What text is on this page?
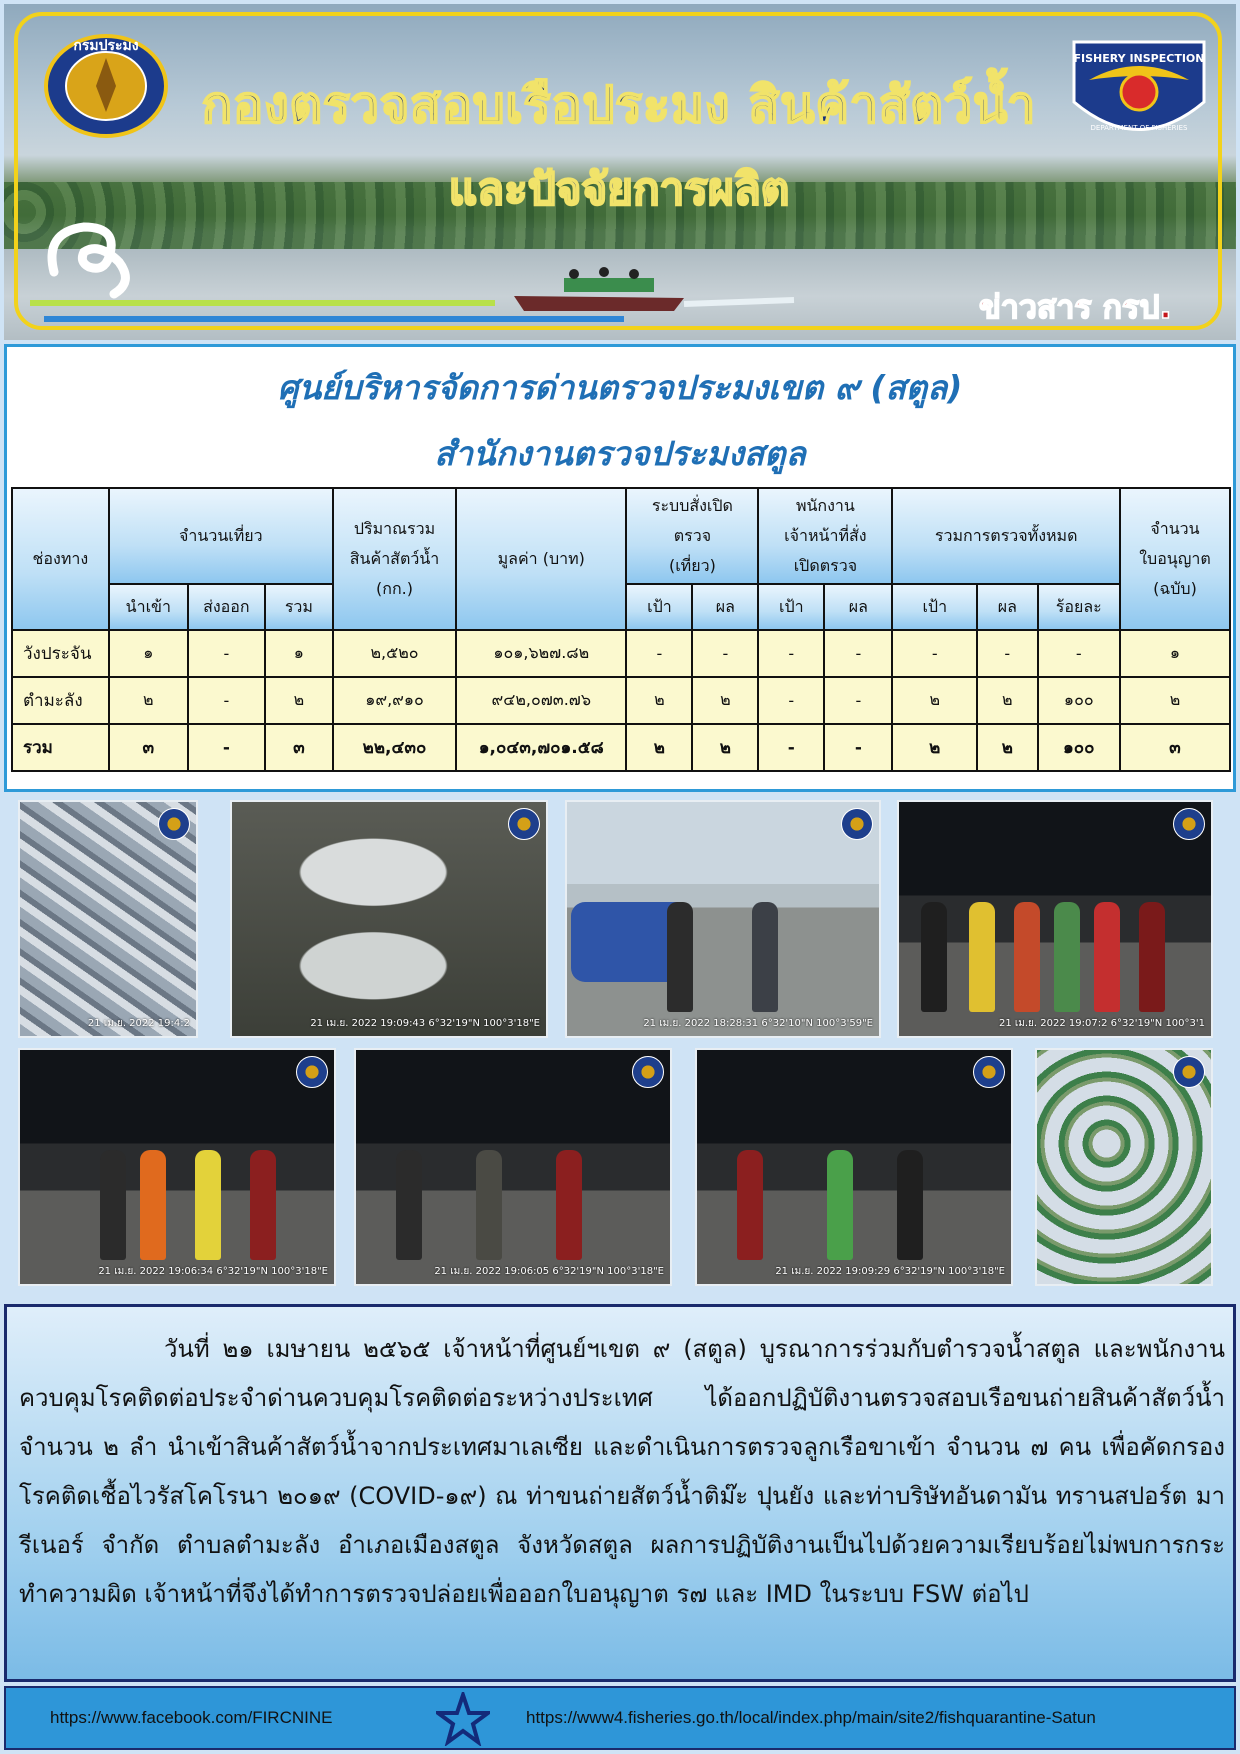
กรมประมง
FISHERY INSPECTION
DEPARTMENT OF FISHERIES
กองตรวจสอบเรือประมง สินค้าสัตว์น้ำ
และปัจจัยการผลิต
ข่าวสาร กรป.
ศูนย์บริหารจัดการด่านตรวจประมงเขต ๙ (สตูล)
สำนักงานตรวจประมงสตูล
ช่องทาง	จำนวนเที่ยว			ปริมาณรวม
สินค้าสัตว์น้ำ
(กก.)	มูลค่า (บาท)	ระบบสั่งเปิด
ตรวจ
(เที่ยว)		พนักงาน
เจ้าหน้าที่สั่ง
เปิดตรวจ		รวมการตรวจทั้งหมด			จำนวน
ใบอนุญาต
(ฉบับ)
	นำเข้า	ส่งออก	รวม			เป้า	ผล	เป้า	ผล	เป้า	ผล	ร้อยละ	
วังประจัน	๑	-	๑	๒,๕๒๐	๑๐๑,๖๒๗.๘๒	-	-	-	-	-	-	-	๑
ตำมะลัง	๒	-	๒	๑๙,๙๑๐	๙๔๒,๐๗๓.๗๖	๒	๒	-	-	๒	๒	๑๐๐	๒
รวม	๓	-	๓	๒๒,๔๓๐	๑,๐๔๓,๗๐๑.๕๘	๒	๒	-	-	๒	๒	๑๐๐	๓
21 เม.ย. 2022 19:4:2	21 เม.ย. 2022 19:09:43 6°32'19"N 100°3'18"E	21 เม.ย. 2022 18:28:31 6°32'10"N 100°3'59"E	21 เม.ย. 2022 19:07:2 6°32'19"N 100°3'1
21 เม.ย. 2022 19:06:34 6°32'19"N 100°3'18"E	21 เม.ย. 2022 19:06:05 6°32'19"N 100°3'18"E	21 เม.ย. 2022 19:09:29 6°32'19"N 100°3'18"E

วันที่ ๒๑ เมษายน ๒๕๖๕ เจ้าหน้าที่ศูนย์ฯเขต ๙ (สตูล) บูรณาการร่วมกับตำรวจน้ำสตูล และพนักงานควบคุมโรคติดต่อประจำด่านควบคุมโรคติดต่อระหว่างประเทศ ได้ออกปฏิบัติงานตรวจสอบเรือขนถ่ายสินค้าสัตว์น้ำ จำนวน ๒ ลำ นำเข้าสินค้าสัตว์น้ำจากประเทศมาเลเซีย และดำเนินการตรวจลูกเรือขาเข้า จำนวน ๗ คน เพื่อคัดกรองโรคติดเชื้อไวรัสโคโรนา ๒๐๑๙ (COVID-๑๙) ณ ท่าขนถ่ายสัตว์น้ำติม๊ะ ปุนยัง และท่าบริษัทอันดามัน ทรานสปอร์ต มารีเนอร์ จำกัด ตำบลตำมะลัง อำเภอเมืองสตูล จังหวัดสตูล ผลการปฏิบัติงานเป็นไปด้วยความเรียบร้อยไม่พบการกระทำความผิด เจ้าหน้าที่จึงได้ทำการตรวจปล่อยเพื่อออกใบอนุญาต ร๗ และ IMD ในระบบ FSW ต่อไป

https://www.facebook.com/FIRCNINE	https://www4.fisheries.go.th/local/index.php/main/site2/fishquarantine-Satun
